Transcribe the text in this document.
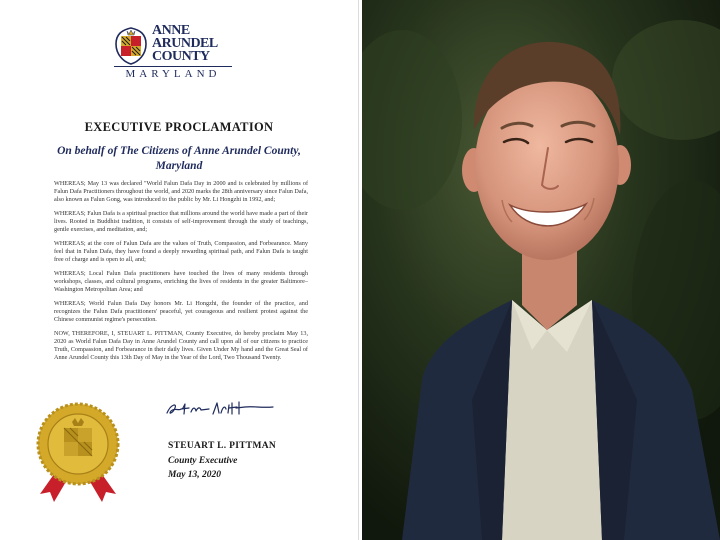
ANNE
ARUNDEL
COUNTY
MARYLAND
EXECUTIVE PROCLAMATION
On behalf of The Citizens of Anne Arundel County, Maryland

WHEREAS; May 13 was declared "World Falun Dafa Day in 2000 and is celebrated by millions of Falun Dafa Practitioners throughout the world, and 2020 marks the 28th anniversary since Falun Dafa, also known as Falun Gong, was introduced to the public by Mr. Li Hongzhi in 1992, and;

WHEREAS; Falun Dafa is a spiritual practice that millions around the world have made a part of their lives. Rooted in Buddhist tradition, it consists of self-improvement through the study of teachings, gentle exercises, and meditation, and;

WHEREAS; at the core of Falun Dafa are the values of Truth, Compassion, and Forbearance. Many feel that in Falun Dafa, they have found a deeply rewarding spiritual path, and Falun Dafa is taught free of charge and is open to all, and;

WHEREAS; Local Falun Dafa practitioners have touched the lives of many residents through workshops, classes, and cultural programs, enriching the lives of residents in the greater Baltimore–Washington Metropolitan Area; and

WHEREAS; World Falun Dafa Day honors Mr. Li Hongzhi, the founder of the practice, and recognizes the Falun Dafa practitioners' peaceful, yet courageous and resilient protest against the Chinese communist regime's persecution.

NOW, THEREFORE, I, STEUART L. PITTMAN, County Executive, do hereby proclaim May 13, 2020 as World Falun Dafa Day in Anne Arundel County and call upon all of our citizens to practice Truth, Compassion, and Forbearance in their daily lives. Given Under My hand and the Great Seal of Anne Arundel County this 13th Day of May in the Year of the Lord, Two Thousand Twenty.

STEUART L. PITTMAN
County Executive
May 13, 2020
